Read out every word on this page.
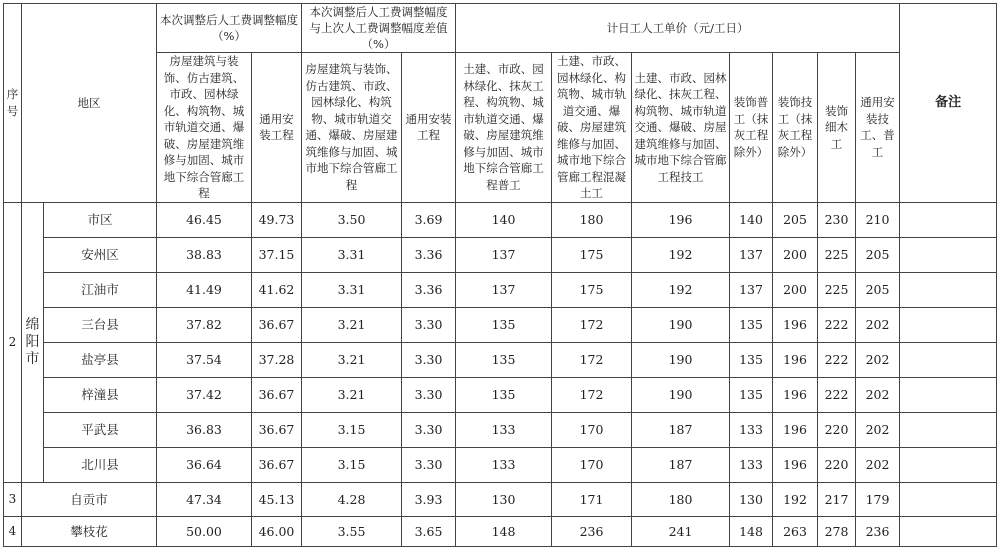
序号	地区		本次调整后人工费调整幅度（%）		本次调整后人工费调整幅度与上次人工费调整幅度差值（%）		计日工人工单价（元/工日）							备注
			房屋建筑与装饰、仿古建筑、市政、园林绿化、构筑物、城市轨道交通、爆破、房屋建筑维修与加固、城市地下综合管廊工程	通用安装工程	房屋建筑与装饰、仿古建筑、市政、园林绿化、构筑物、城市轨道交通、爆破、房屋建筑维修与加固、城市地下综合管廊工程	通用安装工程	土建、市政、园林绿化、抹灰工程、构筑物、城市轨道交通、爆破、房屋建筑维修与加固、城市地下综合管廊工程普工	土建、市政、园林绿化、构筑物、城市轨道交通、爆破、房屋建筑维修与加固、城市地下综合管廊工程混凝土工	土建、市政、园林绿化、抹灰工程、构筑物、城市轨道交通、爆破、房屋建筑维修与加固、城市地下综合管廊工程技工	装饰普工（抹灰工程除外）	装饰技工（抹灰工程除外）	装饰细木工	通用安装技工、普工	
2	绵阳市	市区	46.45	49.73	3.50	3.69	140	180	196	140	205	230	210	
		安州区	38.83	37.15	3.31	3.36	137	175	192	137	200	225	205	
		江油市	41.49	41.62	3.31	3.36	137	175	192	137	200	225	205	
		三台县	37.82	36.67	3.21	3.30	135	172	190	135	196	222	202	
		盐亭县	37.54	37.28	3.21	3.30	135	172	190	135	196	222	202	
		梓潼县	37.42	36.67	3.21	3.30	135	172	190	135	196	222	202	
		平武县	36.83	36.67	3.15	3.30	133	170	187	133	196	220	202	
		北川县	36.64	36.67	3.15	3.30	133	170	187	133	196	220	202	
3	自贡市		47.34	45.13	4.28	3.93	130	171	180	130	192	217	179	
4	攀枝花		50.00	46.00	3.55	3.65	148	236	241	148	263	278	236	
